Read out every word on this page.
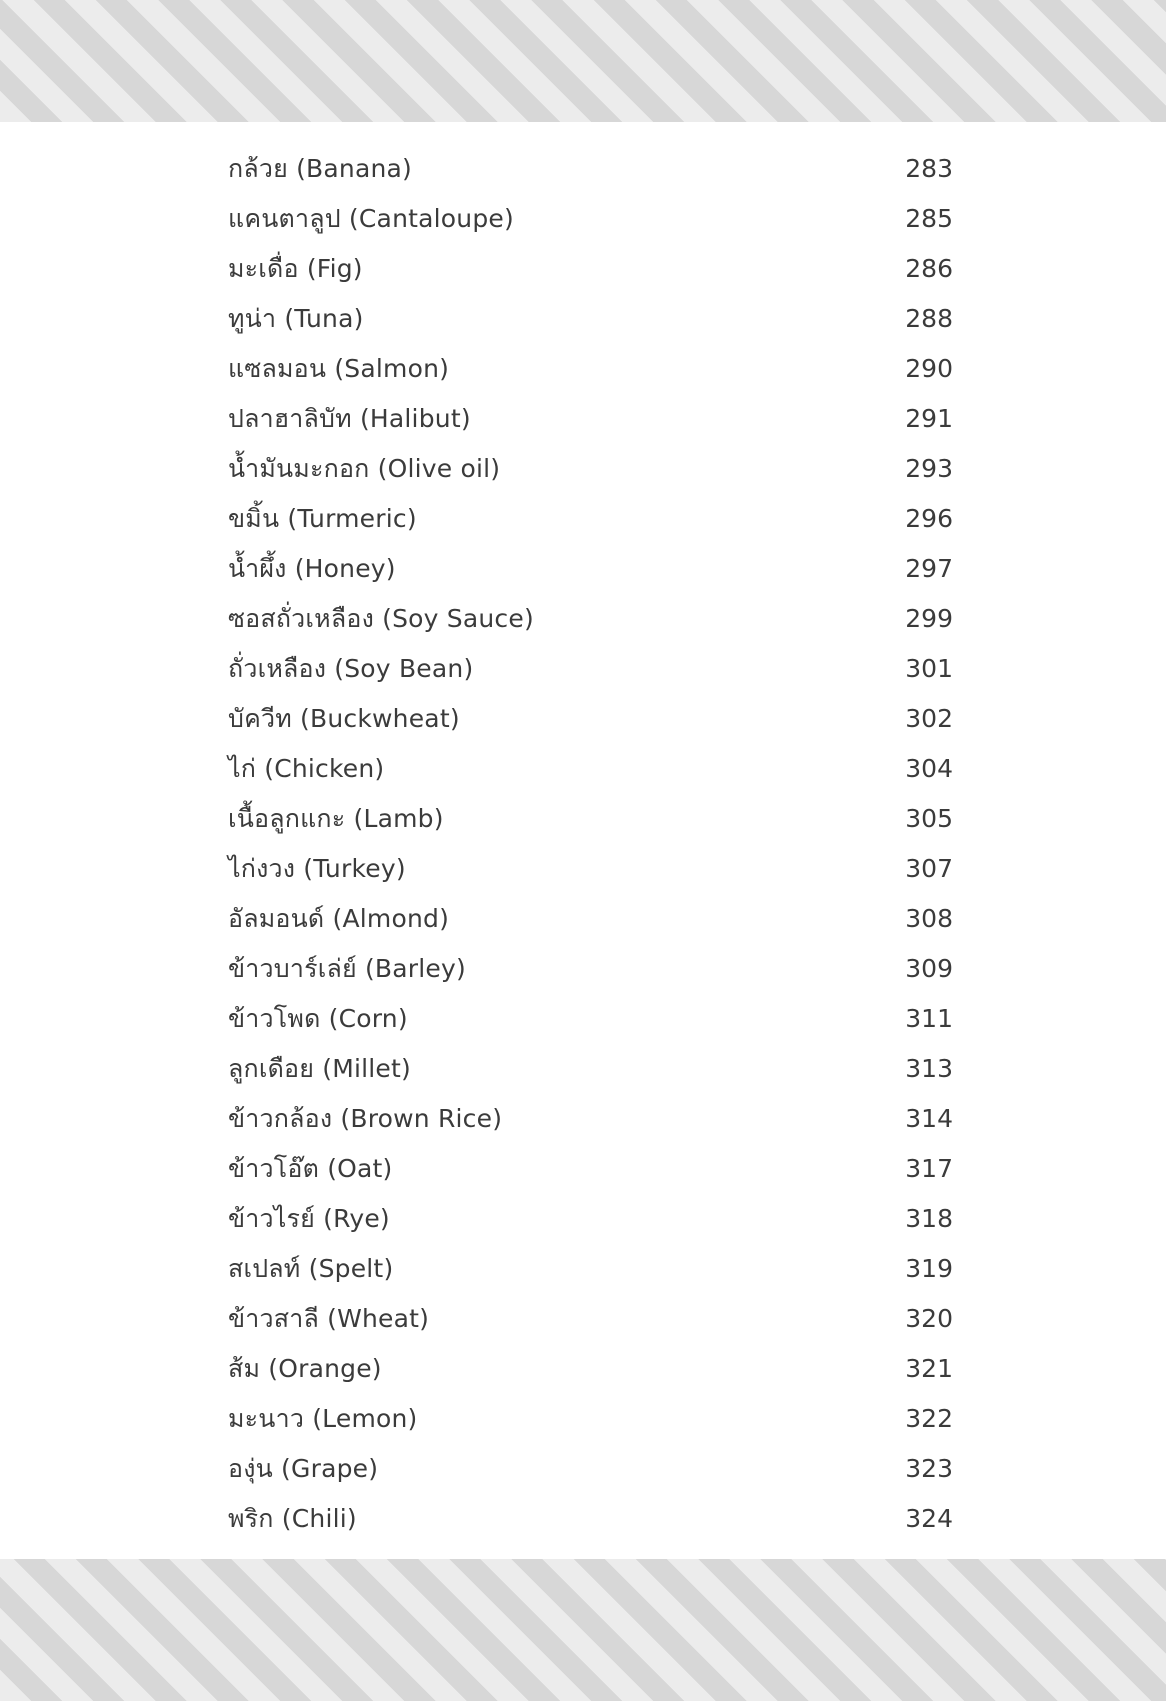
กล้วย (Banana)	283
แคนตาลูป (Cantaloupe)	285
มะเดื่อ (Fig)	286
ทูน่า (Tuna)	288
แซลมอน (Salmon)	290
ปลาฮาลิบัท (Halibut)	291
น้ำมันมะกอก (Olive oil)	293
ขมิ้น (Turmeric)	296
น้ำผึ้ง (Honey)	297
ซอสถั่วเหลือง (Soy Sauce)	299
ถั่วเหลือง (Soy Bean)	301
บัควีท (Buckwheat)	302
ไก่ (Chicken)	304
เนื้อลูกแกะ (Lamb)	305
ไก่งวง (Turkey)	307
อัลมอนด์ (Almond)	308
ข้าวบาร์เล่ย์ (Barley)	309
ข้าวโพด (Corn)	311
ลูกเดือย (Millet)	313
ข้าวกล้อง (Brown Rice)	314
ข้าวโอ๊ต (Oat)	317
ข้าวไรย์ (Rye)	318
สเปลท์ (Spelt)	319
ข้าวสาลี (Wheat)	320
ส้ม (Orange)	321
มะนาว (Lemon)	322
องุ่น (Grape)	323
พริก (Chili)	324
